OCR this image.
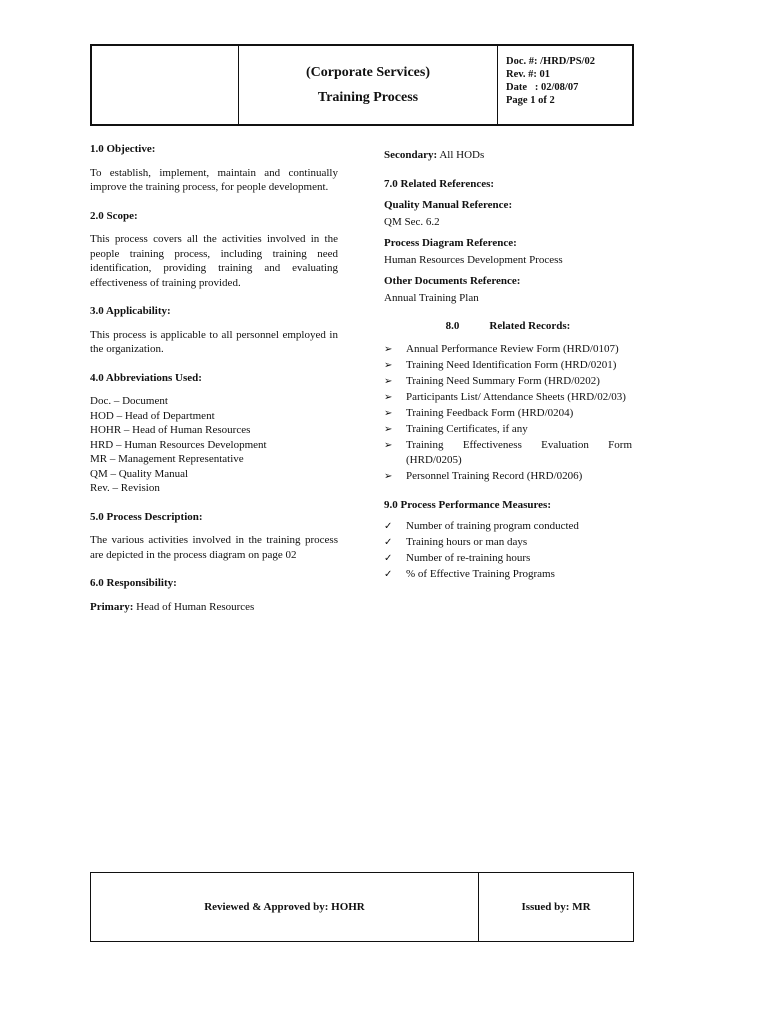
(Corporate Services)
Training Process
Doc. #: /HRD/PS/02
Rev. #: 01
Date   : 02/08/07
Page 1 of 2
1.0 Objective:

To establish, implement, maintain and continually improve the training process, for people development.

2.0 Scope:

This process covers all the activities involved in the people training process, including training need identification, providing training and evaluating effectiveness of training provided.

3.0 Applicability:

This process is applicable to all personnel employed in the organization.

4.0 Abbreviations Used:
Doc. – Document
HOD – Head of Department
HOHR – Head of Human Resources
HRD – Human Resources Development
MR – Management Representative
QM – Quality Manual
Rev. – Revision
5.0 Process Description:

The various activities involved in the training process are depicted in the process diagram on page 02

6.0 Responsibility:
Primary: Head of Human Resources
Secondary: All HODs
7.0 Related References:
Quality Manual Reference:
QM Sec. 6.2
Process Diagram Reference:
Human Resources Development Process
Other Documents Reference:
Annual Training Plan
8.0	Related Records:
➢ Annual Performance Review Form (HRD/0107)
➢ Training Need Identification Form (HRD/0201)
➢ Training Need Summary Form (HRD/0202)
➢ Participants List/ Attendance Sheets (HRD/02/03)
➢ Training Feedback Form (HRD/0204)
➢ Training Certificates, if any
➢ Training Effectiveness Evaluation Form (HRD/0205)
➢ Personnel Training Record (HRD/0206)
9.0 Process Performance Measures:
✓ Number of training program conducted
✓ Training hours or man days
✓ Number of re-training hours
✓ % of Effective Training Programs
Reviewed & Approved by: HOHR	Issued by: MR
